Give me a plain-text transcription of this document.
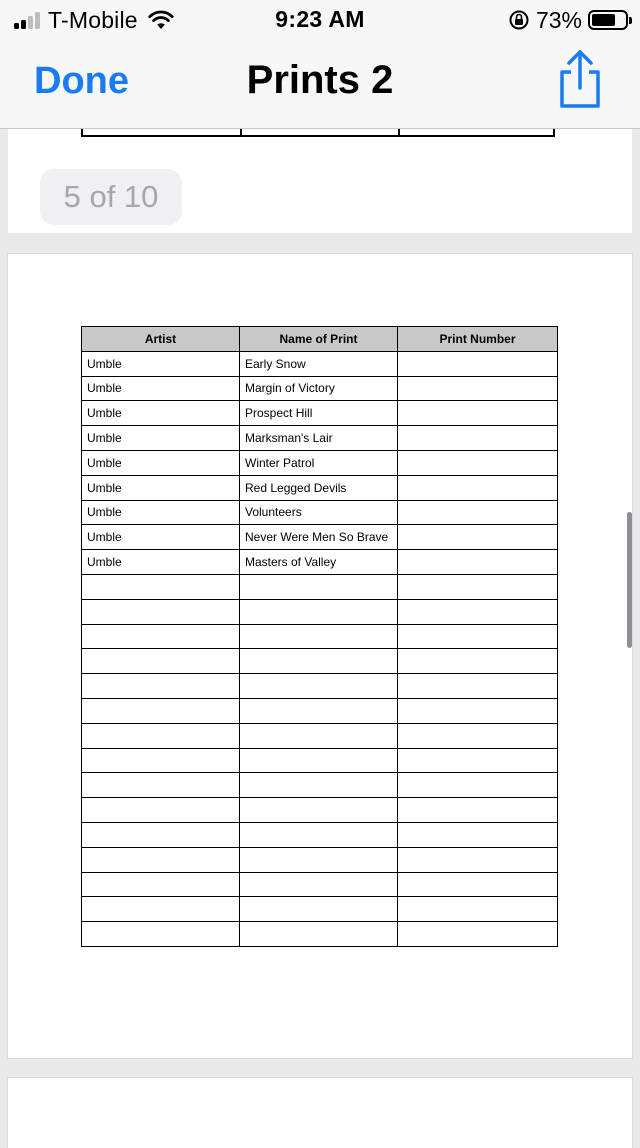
T-Mobile	9:23 AM	73%
Done	Prints 2
5 of 10
Artist	Name of Print	Print Number
Umble	Early Snow	
Umble	Margin of Victory	
Umble	Prospect Hill	
Umble	Marksman's Lair	
Umble	Winter Patrol	
Umble	Red Legged Devils	
Umble	Volunteers	
Umble	Never Were Men So Brave	
Umble	Masters of Valley	
